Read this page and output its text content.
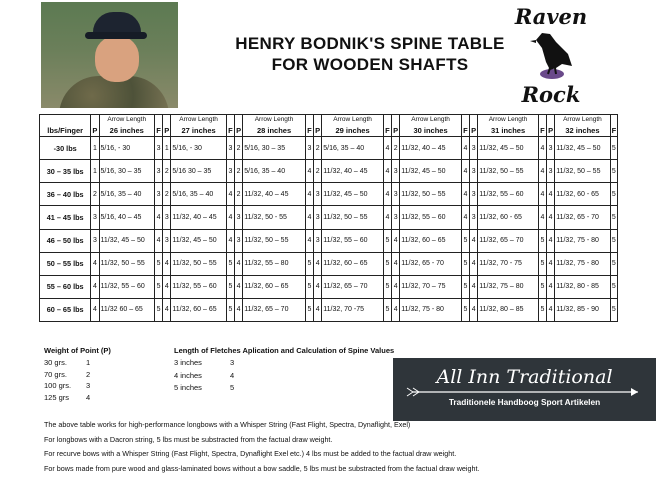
HENRY BODNIK'S SPINE TABLE
FOR WOODEN SHAFTS
Raven
Rock
		Arrow Length			Arrow Length			Arrow Length			Arrow Length			Arrow Length			Arrow Length			Arrow Length	
lbs/Finger	P	26 inches	F	P	27 inches	F	P	28 inches	F	P	29 inches	F	P	30 inches	F	P	31 inches	F	P	32 inches	F
-30 lbs	1	5/16, - 30	3	1	5/16, - 30	3	2	5/16, 30 – 35	3	2	5/16, 35 – 40	4	2	11/32, 40 – 45	4	3	11/32, 45 – 50	4	3	11/32, 45 – 50	5
30 – 35 lbs	1	5/16, 30 – 35	3	2	5/16 30 – 35	3	2	5/16, 35 – 40	4	2	11/32, 40 – 45	4	3	11/32, 45 – 50	4	3	11/32, 50 – 55	4	3	11/32, 50 – 55	5
36 – 40 lbs	2	5/16, 35 – 40	3	2	5/16, 35 – 40	4	2	11/32, 40 – 45	4	3	11/32, 45 – 50	4	3	11/32, 50 – 55	4	3	11/32, 55 – 60	4	4	11/32, 60 - 65	5
41 – 45 lbs	3	5/16, 40 – 45	4	3	11/32, 40 – 45	4	3	11/32, 50 - 55	4	3	11/32, 50 – 55	4	3	11/32, 55 – 60	4	3	11/32, 60 - 65	4	4	11/32, 65 - 70	5
46 – 50 lbs	3	11/32, 45 – 50	4	3	11/32, 45 – 50	4	3	11/32, 50 – 55	4	3	11/32, 55 – 60	5	4	11/32, 60 – 65	5	4	11/32, 65 – 70	5	4	11/32, 75 - 80	5
50 – 55 lbs	4	11/32, 50 – 55	5	4	11/32, 50 – 55	5	4	11/32, 55 – 80	5	4	11/32, 60 – 65	5	4	11/32, 65 - 70	5	4	11/32, 70 - 75	5	4	11/32, 75 - 80	5
55 – 60 lbs	4	11/32, 55 – 60	5	4	11/32, 55 – 60	5	4	11/32, 60 – 65	5	4	11/32, 65 – 70	5	4	11/32, 70 – 75	5	4	11/32, 75 – 80	5	4	11/32, 80 - 85	5
60 – 65 lbs	4	11/32 60 – 65	5	4	11/32, 60 – 65	5	4	11/32, 65 – 70	5	4	11/32, 70 -75	5	4	11/32, 75 - 80	5	4	11/32, 80 – 85	5	4	11/32, 85 - 90	5
Weight of Point (P)
30 grs.	1
70 grs.	2
100 grs. 3
125 grs 4
Length of Fletches Aplication and Calculation of Spine Values
3 inches	3
4 inches	4
5 inches	5	All Inn Traditional
Traditionele Handboog Sport Artikelen
The above table works for high-performance longbows with a Whisper String (Fast Flight, Spectra, Dynaflight, Exel)
For longbows with a Dacron string, 5 lbs must be substracted from the factual draw weight.
For recurve bows with a Whisper String (Fast Flight, Spectra, Dynaflight Exel etc.) 4 lbs must be added to the factual draw weight.
For bows made from pure wood and glass-laminated bows without a bow saddle, 5 lbs must be substracted from the factual draw weight.
